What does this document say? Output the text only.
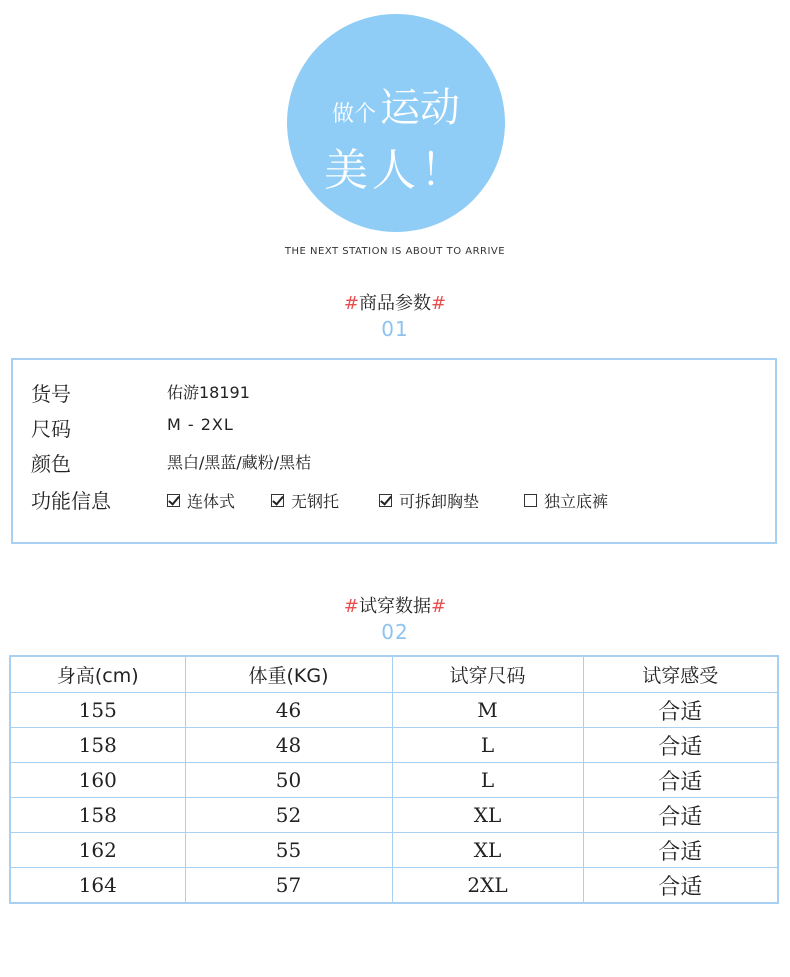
做个 运动
美人！
THE NEXT STATION IS ABOUT TO ARRIVE
#商品参数#
01
货号	佑游18191
尺码	M - 2XL
颜色	黑白/黑蓝/藏粉/黑桔
功能信息	连体式	无钢托	可拆卸胸垫	独立底裤
#试穿数据#
02
身高(cm)	体重(KG)	试穿尺码	试穿感受
155	46	M	合适
158	48	L	合适
160	50	L	合适
158	52	XL	合适
162	55	XL	合适
164	57	2XL	合适
